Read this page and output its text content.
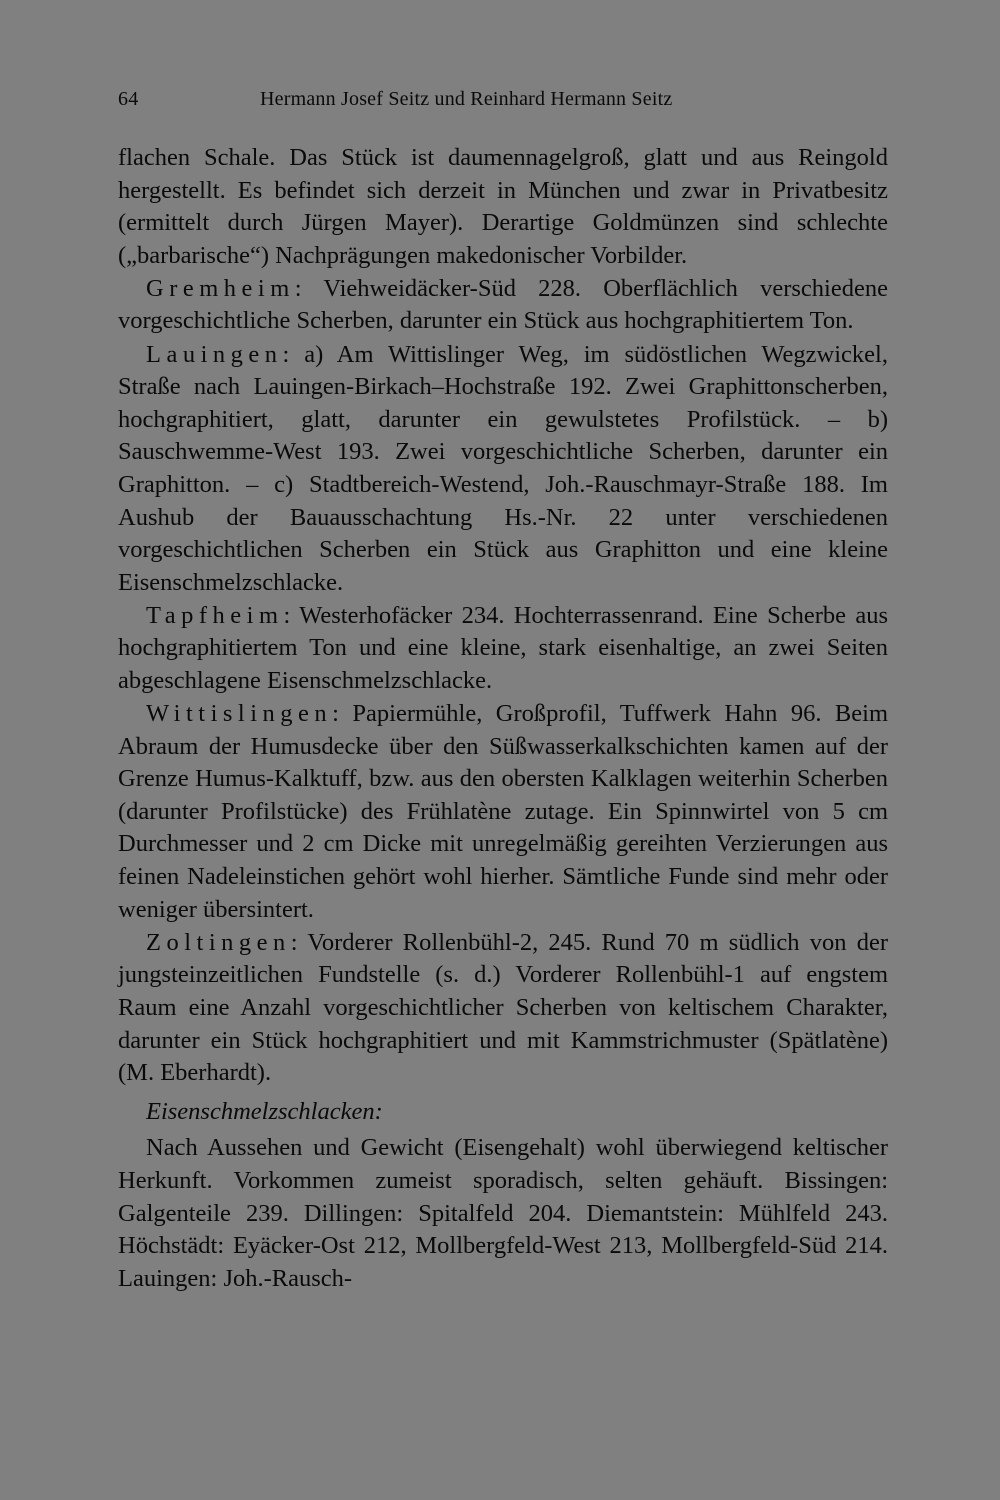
64	Hermann Josef Seitz und Reinhard Hermann Seitz

flachen Schale. Das Stück ist daumennagelgroß, glatt und aus Reingold hergestellt. Es befindet sich derzeit in München und zwar in Privatbesitz (ermittelt durch Jürgen Mayer). Derartige Goldmünzen sind schlechte („barbarische“) Nachprägungen makedonischer Vorbilder.

Gremheim: Viehweidäcker-Süd 228. Oberflächlich verschiedene vorgeschichtliche Scherben, darunter ein Stück aus hochgraphitiertem Ton.

Lauingen: a) Am Wittislinger Weg, im südöstlichen Wegzwickel, Straße nach Lauingen-Birkach–Hochstraße 192. Zwei Graphittonscherben, hochgraphitiert, glatt, darunter ein gewulstetes Profilstück. – b) Sauschwemme-West 193. Zwei vorgeschichtliche Scherben, darunter ein Graphitton. – c) Stadtbereich-Westend, Joh.-Rauschmayr-Straße 188. Im Aushub der Bauausschachtung Hs.-Nr. 22 unter verschiedenen vorgeschichtlichen Scherben ein Stück aus Graphitton und eine kleine Eisenschmelzschlacke.

Tapfheim: Westerhofäcker 234. Hochterrassenrand. Eine Scherbe aus hochgraphitiertem Ton und eine kleine, stark eisenhaltige, an zwei Seiten abgeschlagene Eisenschmelzschlacke.

Wittislingen: Papiermühle, Großprofil, Tuffwerk Hahn 96. Beim Abraum der Humusdecke über den Süßwasserkalkschichten kamen auf der Grenze Humus-Kalktuff, bzw. aus den obersten Kalklagen weiterhin Scherben (darunter Profilstücke) des Frühlatène zutage. Ein Spinnwirtel von 5 cm Durchmesser und 2 cm Dicke mit unregelmäßig gereihten Verzierungen aus feinen Nadeleinstichen gehört wohl hierher. Sämtliche Funde sind mehr oder weniger übersintert.

Zoltingen: Vorderer Rollenbühl-2, 245. Rund 70 m südlich von der jungsteinzeitlichen Fundstelle (s. d.) Vorderer Rollenbühl-1 auf engstem Raum eine Anzahl vorgeschichtlicher Scherben von keltischem Charakter, darunter ein Stück hochgraphitiert und mit Kammstrichmuster (Spätlatène) (M. Eberhardt).

Eisenschmelzschlacken:

Nach Aussehen und Gewicht (Eisengehalt) wohl überwiegend keltischer Herkunft. Vorkommen zumeist sporadisch, selten gehäuft. Bissingen: Galgenteile 239. Dillingen: Spitalfeld 204. Diemantstein: Mühlfeld 243. Höchstädt: Eyäcker-Ost 212, Mollbergfeld-West 213, Mollbergfeld-Süd 214. Lauingen: Joh.-Rausch-
